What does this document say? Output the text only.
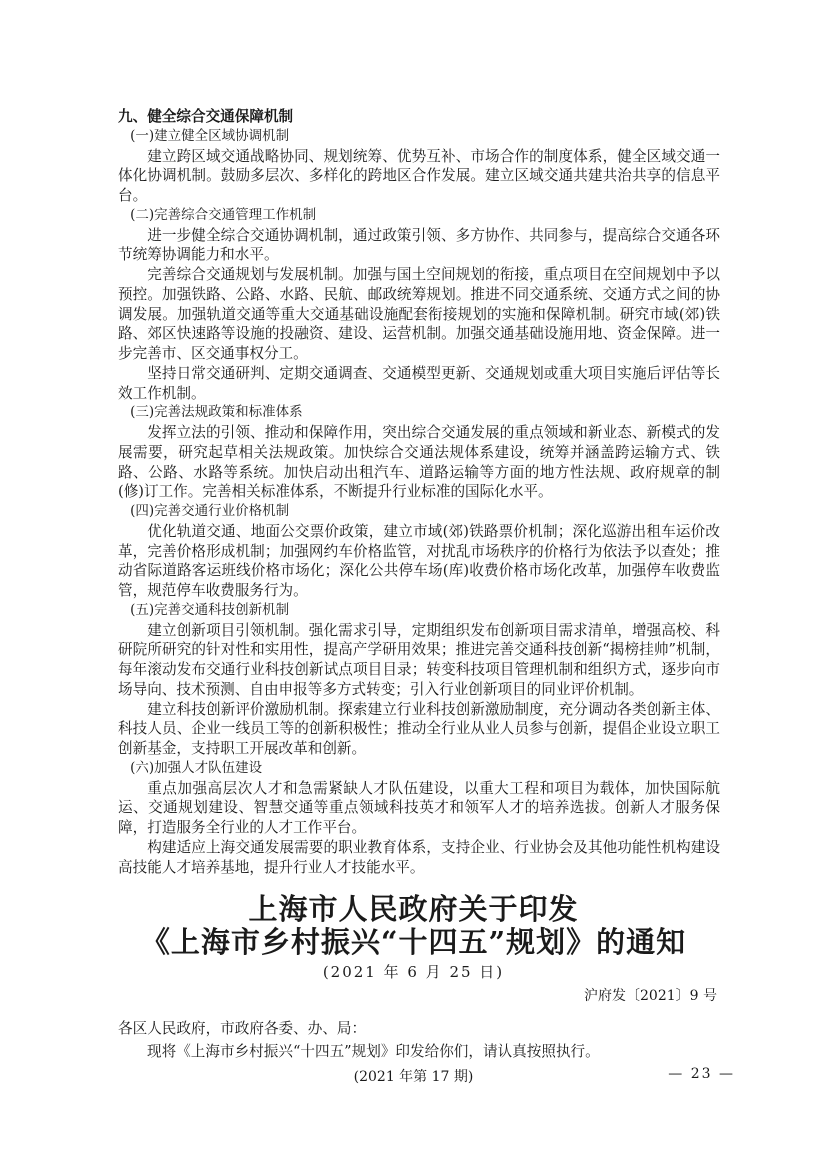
九、健全综合交通保障机制

(一)建立健全区域协调机制

建立跨区域交通战略协同、规划统筹、优势互补、市场合作的制度体系，健全区域交通一体化协调机制。鼓励多层次、多样化的跨地区合作发展。建立区域交通共建共治共享的信息平台。

(二)完善综合交通管理工作机制

进一步健全综合交通协调机制，通过政策引领、多方协作、共同参与，提高综合交通各环节统筹协调能力和水平。

完善综合交通规划与发展机制。加强与国土空间规划的衔接，重点项目在空间规划中予以预控。加强铁路、公路、水路、民航、邮政统筹规划。推进不同交通系统、交通方式之间的协调发展。加强轨道交通等重大交通基础设施配套衔接规划的实施和保障机制。研究市域(郊)铁路、郊区快速路等设施的投融资、建设、运营机制。加强交通基础设施用地、资金保障。进一步完善市、区交通事权分工。

坚持日常交通研判、定期交通调查、交通模型更新、交通规划或重大项目实施后评估等长效工作机制。

(三)完善法规政策和标准体系

发挥立法的引领、推动和保障作用，突出综合交通发展的重点领域和新业态、新模式的发展需要，研究起草相关法规政策。加快综合交通法规体系建设，统筹并涵盖跨运输方式、铁路、公路、水路等系统。加快启动出租汽车、道路运输等方面的地方性法规、政府规章的制(修)订工作。完善相关标准体系，不断提升行业标准的国际化水平。

(四)完善交通行业价格机制

优化轨道交通、地面公交票价政策，建立市域(郊)铁路票价机制；深化巡游出租车运价改革，完善价格形成机制；加强网约车价格监管，对扰乱市场秩序的价格行为依法予以查处；推动省际道路客运班线价格市场化；深化公共停车场(库)收费价格市场化改革，加强停车收费监管，规范停车收费服务行为。

(五)完善交通科技创新机制

建立创新项目引领机制。强化需求引导，定期组织发布创新项目需求清单，增强高校、科研院所研究的针对性和实用性，提高产学研用效果；推进完善交通科技创新“揭榜挂帅”机制，每年滚动发布交通行业科技创新试点项目目录；转变科技项目管理机制和组织方式，逐步向市场导向、技术预测、自由申报等多方式转变；引入行业创新项目的同业评价机制。

建立科技创新评价激励机制。探索建立行业科技创新激励制度，充分调动各类创新主体、科技人员、企业一线员工等的创新积极性；推动全行业从业人员参与创新，提倡企业设立职工创新基金，支持职工开展改革和创新。

(六)加强人才队伍建设

重点加强高层次人才和急需紧缺人才队伍建设，以重大工程和项目为载体，加快国际航运、交通规划建设、智慧交通等重点领域科技英才和领军人才的培养选拔。创新人才服务保障，打造服务全行业的人才工作平台。

构建适应上海交通发展需要的职业教育体系，支持企业、行业协会及其他功能性机构建设高技能人才培养基地，提升行业人才技能水平。

上海市人民政府关于印发
《上海市乡村振兴“十四五”规划》的通知
(2021 年 6 月 25 日)
沪府发〔2021〕9 号
各区人民政府，市政府各委、办、局：
现将《上海市乡村振兴“十四五”规划》印发给你们，请认真按照执行。
(2021 年第 17 期)	— 23 —
